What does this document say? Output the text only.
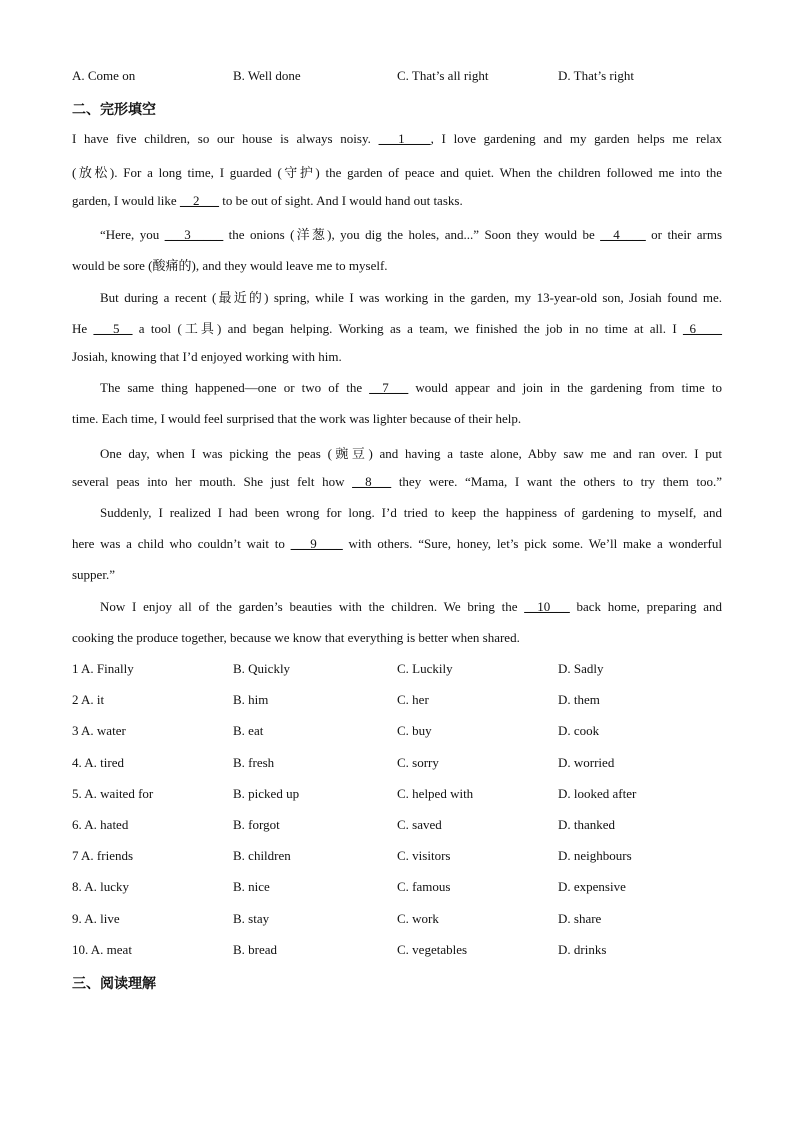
A. Come on	B. Well done	C. That’s all right	D. That’s right
二、完形填空
I have five children, so our house is always noisy. ___1____, I love gardening and my garden helps me relax
(放松). For a long time, I guarded (守护) the garden of peace and quiet. When the children followed me into the
garden, I would like __2___ to be out of sight. And I would hand out tasks.
“Here, you ___3_____ the onions (洋葱), you dig the holes, and...” Soon they would be __4____ or their arms
would be sore (酸痛的), and they would leave me to myself.
But during a recent (最近的) spring, while I was working in the garden, my 13-year-old son, Josiah found me.
He ___5__ a tool (工具) and began helping. Working as a team, we finished the job in no time at all. I _6____
Josiah, knowing that I’d enjoyed working with him.
The same thing happened—one or two of the __7___ would appear and join in the gardening from time to
time. Each time, I would feel surprised that the work was lighter because of their help.
One day, when I was picking the peas (豌豆) and having a taste alone, Abby saw me and ran over. I put
several peas into her mouth. She just felt how __8___ they were. “Mama, I want the others to try them too.”
Suddenly, I realized I had been wrong for long. I’d tried to keep the happiness of gardening to myself, and
here was a child who couldn’t wait to ___9____ with others. “Sure, honey, let’s pick some. We’ll make a wonderful
supper.”
Now I enjoy all of the garden’s beauties with the children. We bring the __10___ back home, preparing and
cooking the produce together, because we know that everything is better when shared.
1 A. Finally	B. Quickly	C. Luckily	D. Sadly
2 A. it	B. him	C. her	D. them
3 A. water	B. eat	C. buy	D. cook
4. A. tired	B. fresh	C. sorry	D. worried
5. A. waited for	B. picked up	C. helped with	D. looked after
6. A. hated	B. forgot	C. saved	D. thanked
7 A. friends	B. children	C. visitors	D. neighbours
8. A. lucky	B. nice	C. famous	D. expensive
9. A. live	B. stay	C. work	D. share
10. A. meat	B. bread	C. vegetables	D. drinks
三、阅读理解
